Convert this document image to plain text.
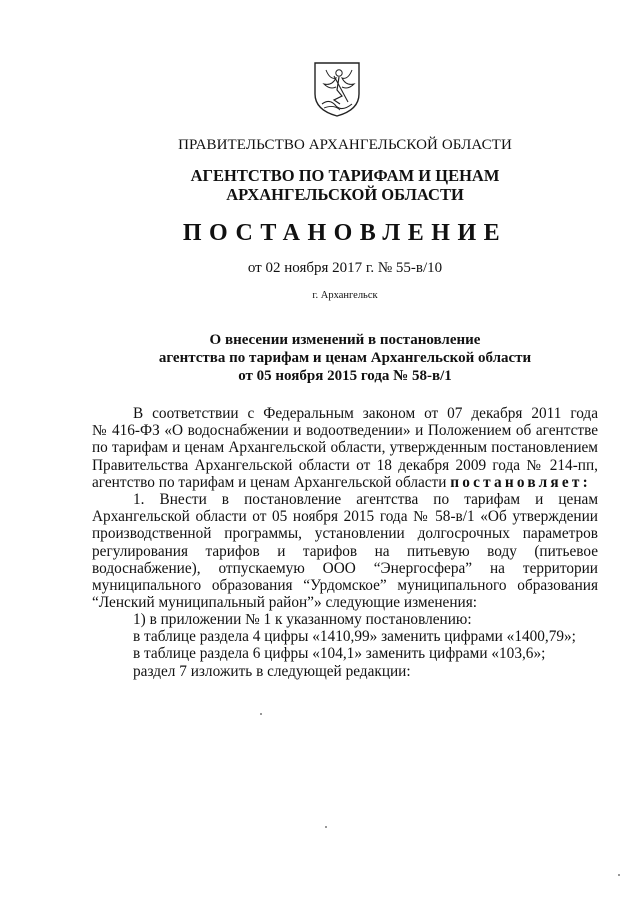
ПРАВИТЕЛЬСТВО АРХАНГЕЛЬСКОЙ ОБЛАСТИ
АГЕНТСТВО ПО ТАРИФАМ И ЦЕНАМ
АРХАНГЕЛЬСКОЙ ОБЛАСТИ
ПОСТАНОВЛЕНИЕ
от 02 ноября 2017 г. № 55-в/10
г. Архангельск
О внесении изменений в постановление
агентства по тарифам и ценам Архангельской области
от 05 ноября 2015 года № 58-в/1
В соответствии с Федеральным законом от 07 декабря 2011 года
№ 416-ФЗ «О водоснабжении и водоотведении» и Положением об агентстве
по тарифам и ценам Архангельской области, утвержденным постановлением
Правительства Архангельской области от 18 декабря 2009 года № 214-пп,
агентство по тарифам и ценам Архангельской области постановляет:
1. Внести в постановление агентства по тарифам и ценам
Архангельской области от 05 ноября 2015 года № 58-в/1 «Об утверждении
производственной программы, установлении долгосрочных параметров
регулирования тарифов и тарифов на питьевую воду (питьевое
водоснабжение), отпускаемую ООО “Энергосфера” на территории
муниципального образования “Урдомское” муниципального образования
“Ленский муниципальный район”» следующие изменения:
1) в приложении № 1 к указанному постановлению:
в таблице раздела 4 цифры «1410,99» заменить цифрами «1400,79»;
в таблице раздела 6 цифры «104,1» заменить цифрами «103,6»;
раздел 7 изложить в следующей редакции:
